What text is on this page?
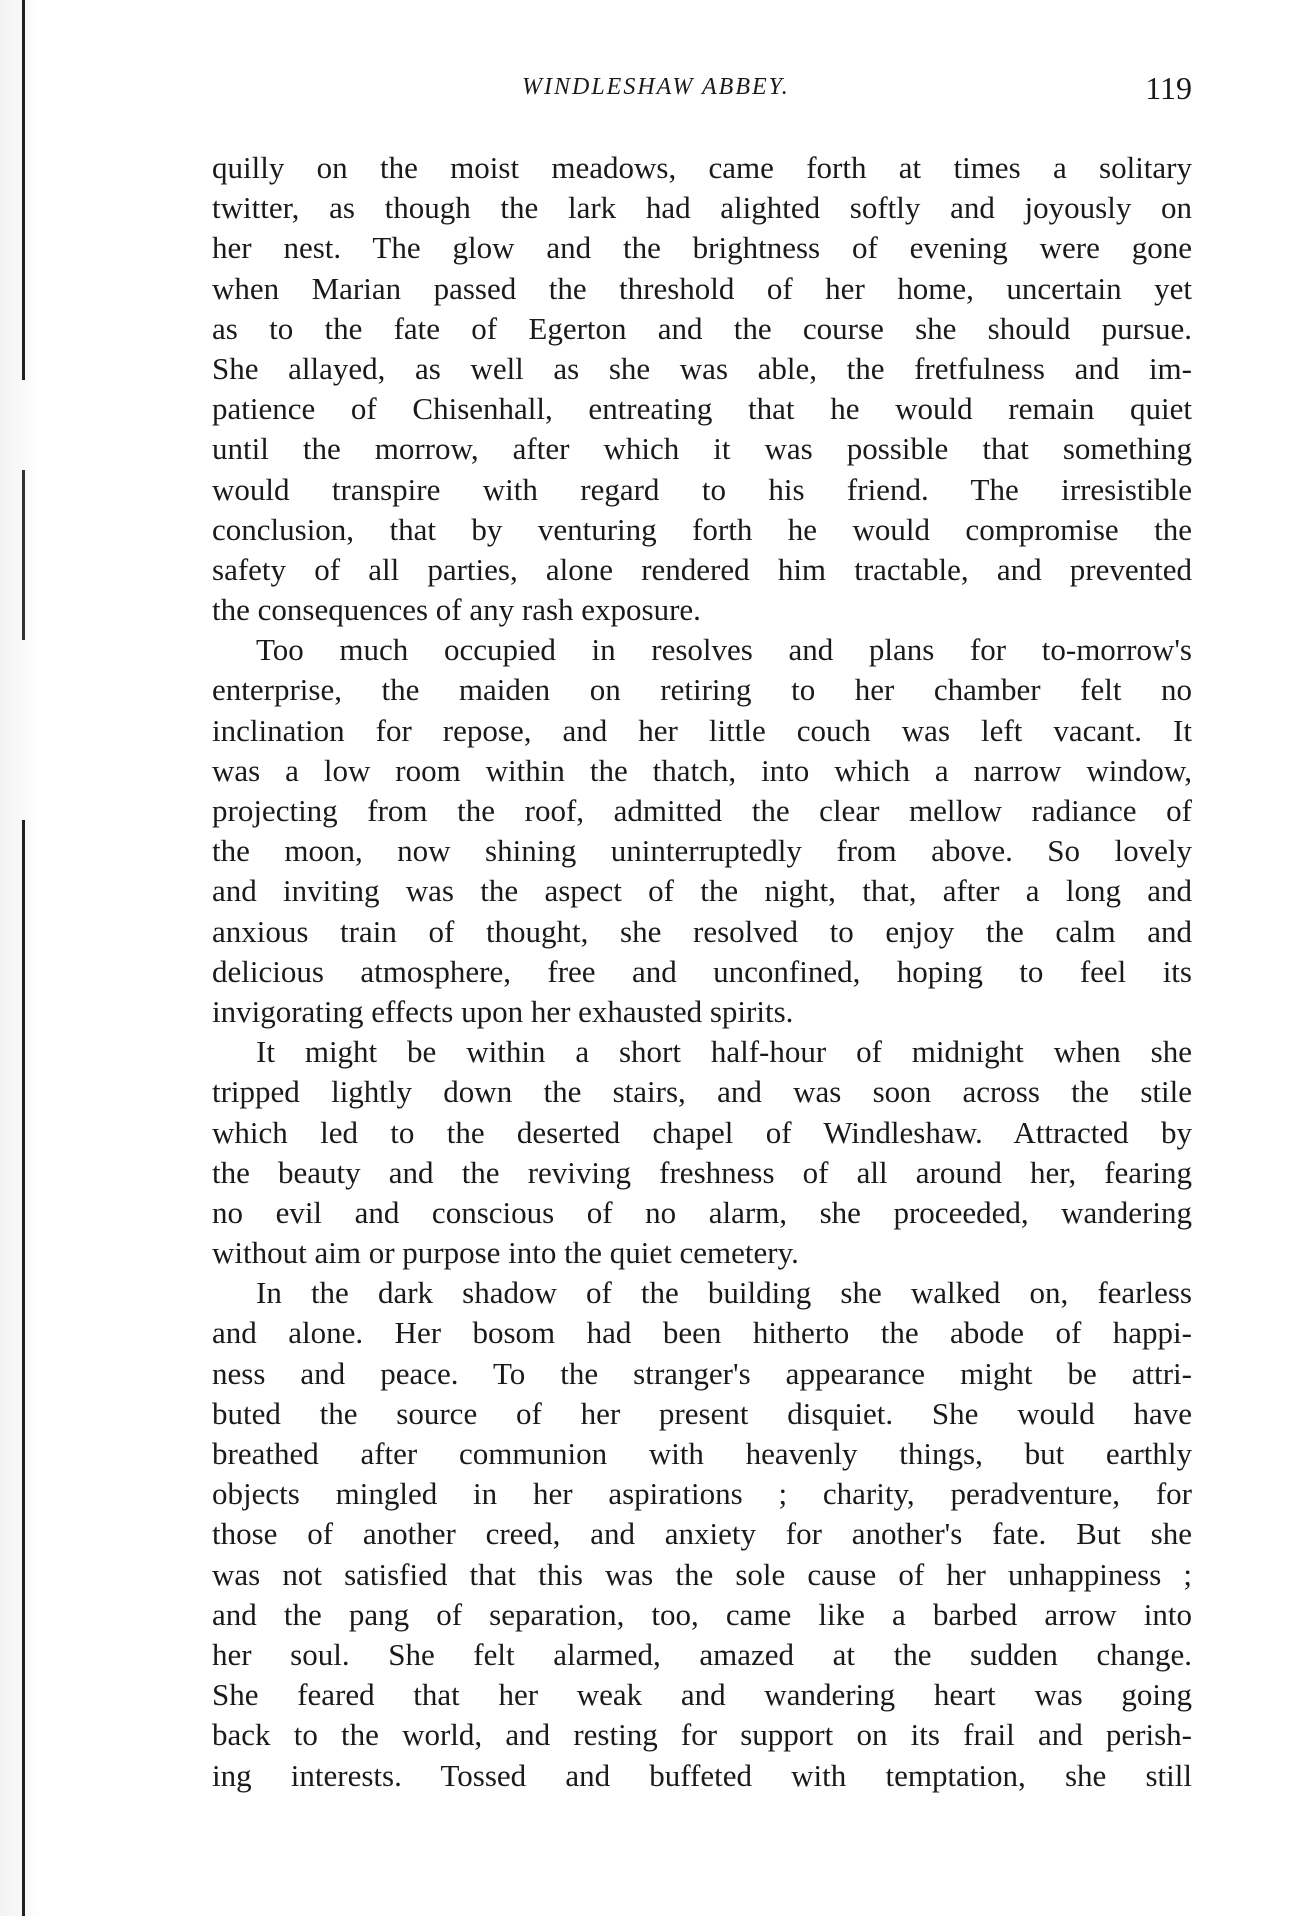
WINDLESHAW ABBEY.	119
quilly on the moist meadows, came forth at times a solitary
twitter, as though the lark had alighted softly and joyously on
her nest. The glow and the brightness of evening were gone
when Marian passed the threshold of her home, uncertain yet
as to the fate of Egerton and the course she should pursue.
She allayed, as well as she was able, the fretfulness and im-
patience of Chisenhall, entreating that he would remain quiet
until the morrow, after which it was possible that something
would transpire with regard to his friend. The irresistible
conclusion, that by venturing forth he would compromise the
safety of all parties, alone rendered him tractable, and prevented
the consequences of any rash exposure.
Too much occupied in resolves and plans for to-morrow's
enterprise, the maiden on retiring to her chamber felt no
inclination for repose, and her little couch was left vacant. It
was a low room within the thatch, into which a narrow window,
projecting from the roof, admitted the clear mellow radiance of
the moon, now shining uninterruptedly from above. So lovely
and inviting was the aspect of the night, that, after a long and
anxious train of thought, she resolved to enjoy the calm and
delicious atmosphere, free and unconfined, hoping to feel its
invigorating effects upon her exhausted spirits.
It might be within a short half-hour of midnight when she
tripped lightly down the stairs, and was soon across the stile
which led to the deserted chapel of Windleshaw. Attracted by
the beauty and the reviving freshness of all around her, fearing
no evil and conscious of no alarm, she proceeded, wandering
without aim or purpose into the quiet cemetery.
In the dark shadow of the building she walked on, fearless
and alone. Her bosom had been hitherto the abode of happi-
ness and peace. To the stranger's appearance might be attri-
buted the source of her present disquiet. She would have
breathed after communion with heavenly things, but earthly
objects mingled in her aspirations ; charity, peradventure, for
those of another creed, and anxiety for another's fate. But she
was not satisfied that this was the sole cause of her unhappiness ;
and the pang of separation, too, came like a barbed arrow into
her soul. She felt alarmed, amazed at the sudden change.
She feared that her weak and wandering heart was going
back to the world, and resting for support on its frail and perish-
ing interests. Tossed and buffeted with temptation, she still
